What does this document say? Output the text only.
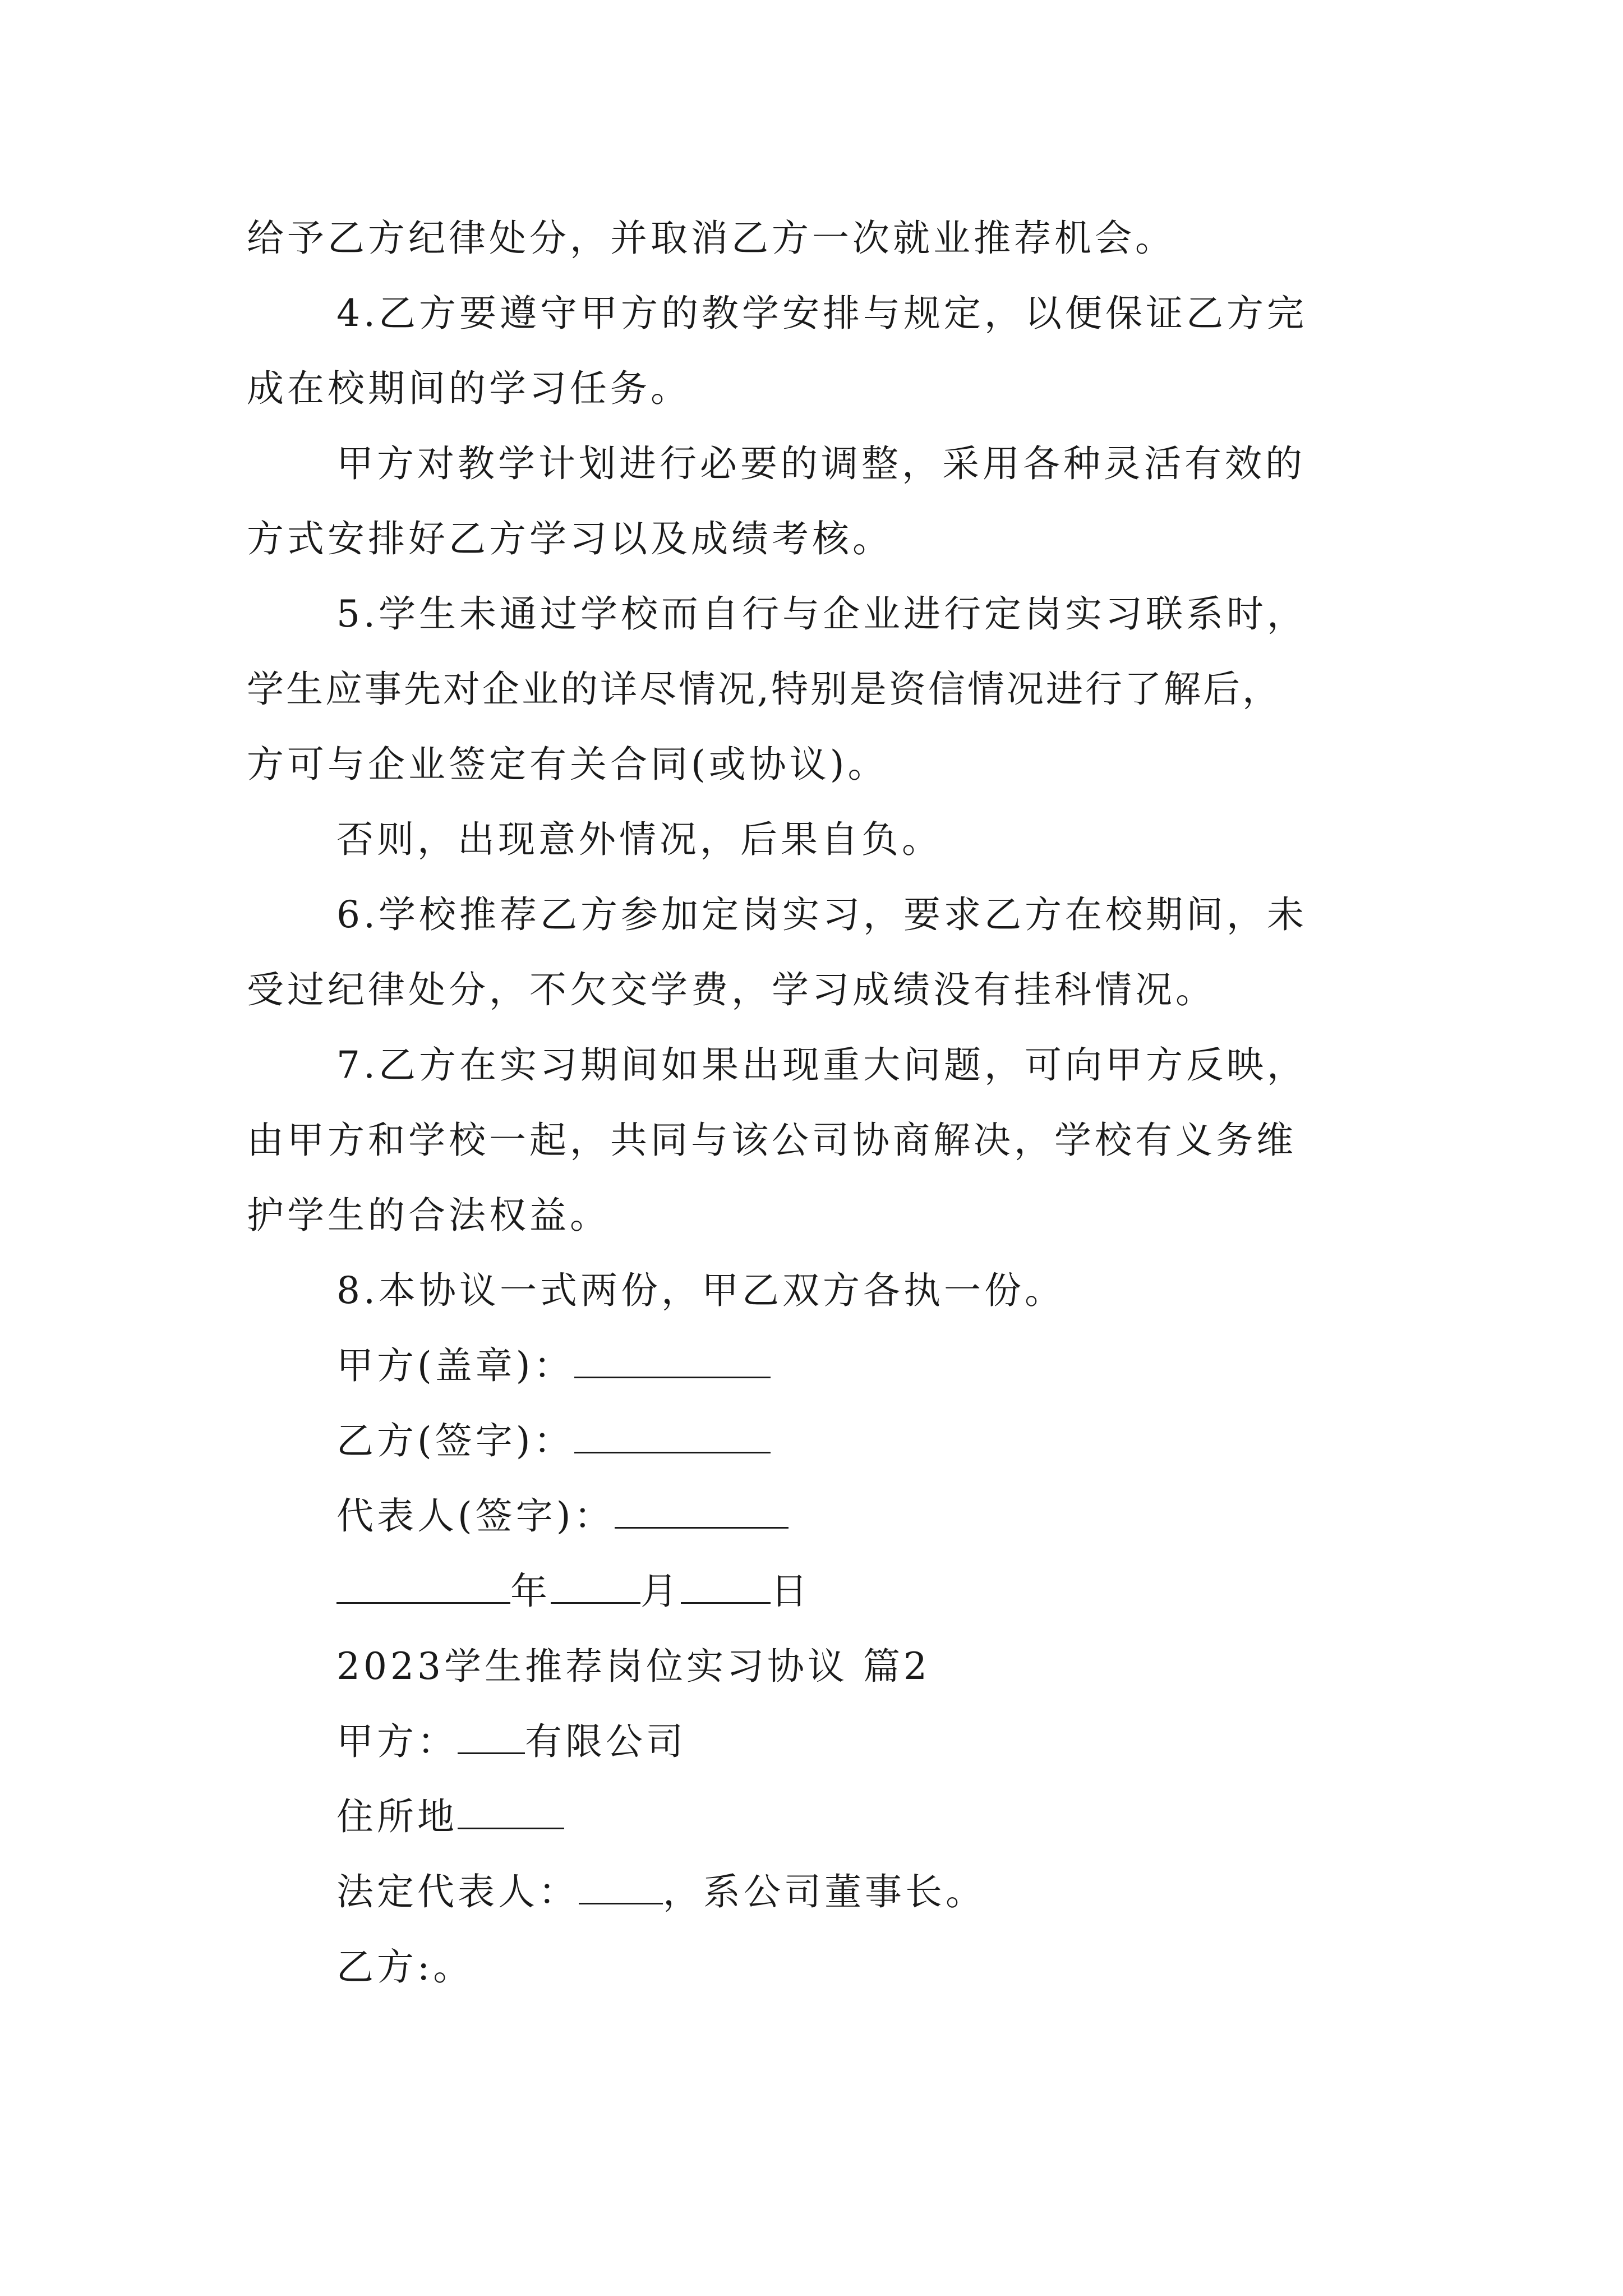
给予乙方纪律处分，并取消乙方一次就业推荐机会。
4.乙方要遵守甲方的教学安排与规定，以便保证乙方完
成在校期间的学习任务。
甲方对教学计划进行必要的调整，采用各种灵活有效的
方式安排好乙方学习以及成绩考核。
5.学生未通过学校而自行与企业进行定岗实习联系时，
学生应事先对企业的详尽情况,特别是资信情况进行了解后，
方可与企业签定有关合同(或协议)。
否则，出现意外情况，后果自负。
6.学校推荐乙方参加定岗实习，要求乙方在校期间，未
受过纪律处分，不欠交学费，学习成绩没有挂科情况。
7.乙方在实习期间如果出现重大问题，可向甲方反映，
由甲方和学校一起，共同与该公司协商解决，学校有义务维
护学生的合法权益。
8.本协议一式两份，甲乙双方各执一份。
甲方(盖章)：
乙方(签字)：
代表人(签字)：
年 月 日
2023学生推荐岗位实习协议 篇2
甲方： 有限公司
住所地
法定代表人： ，系公司董事长。
乙方:。
